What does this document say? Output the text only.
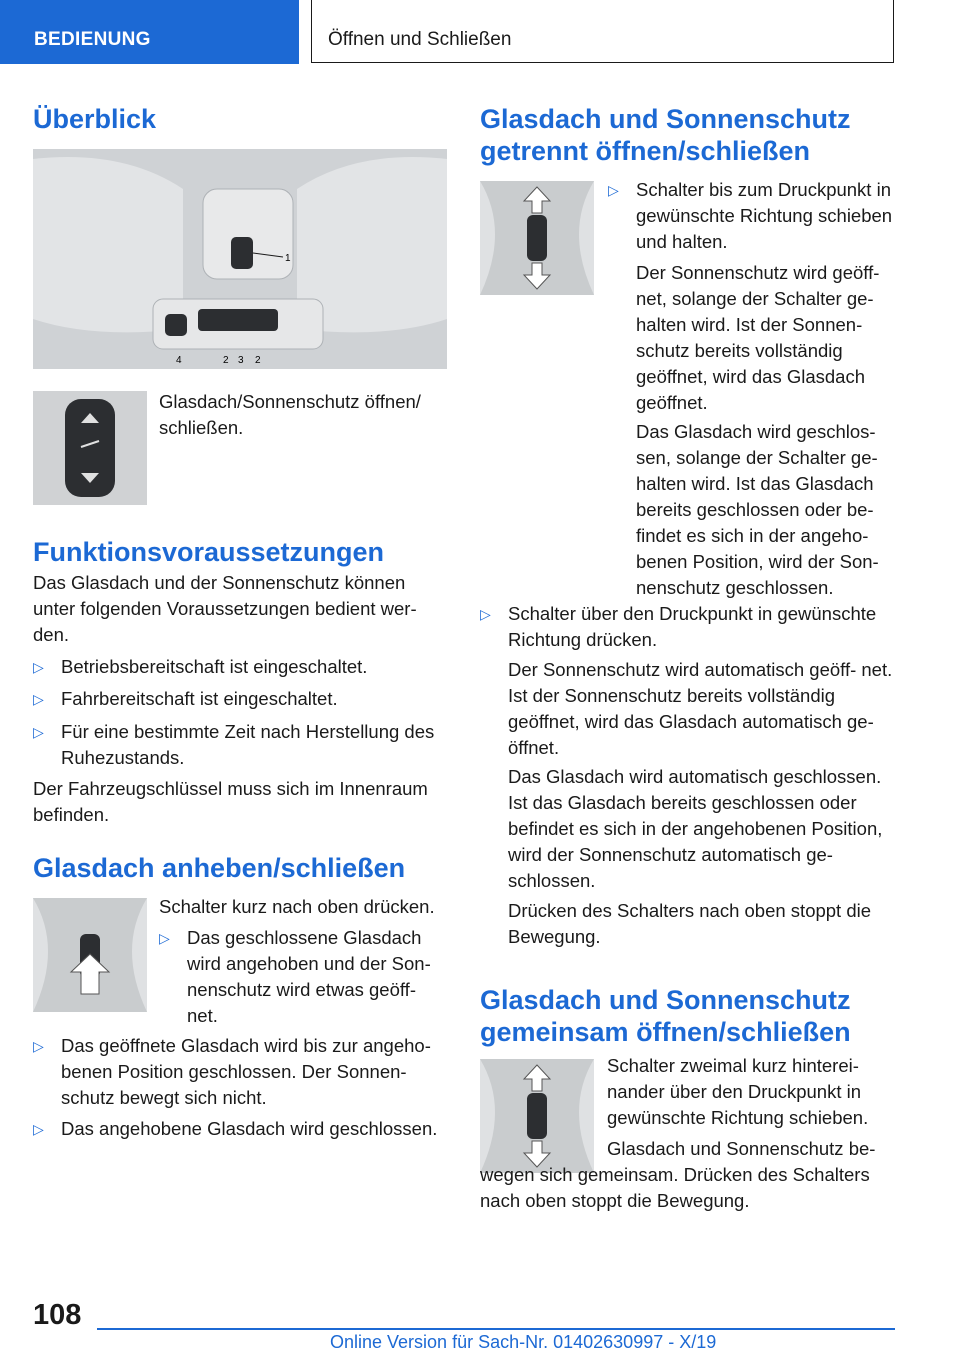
BEDIENUNG	Öffnen und Schließen
Überblick
1
4	2 3 2

Glasdach/Sonnenschutz öffnen/ schließen.

Funktionsvoraussetzungen

Das Glasdach und der Sonnenschutz können unter folgenden Voraussetzungen bedient wer- den.

▷ Betriebsbereitschaft ist eingeschaltet.
▷ Fahrbereitschaft ist eingeschaltet.
▷ Für eine bestimmte Zeit nach Herstellung des Ruhezustands.

Der Fahrzeugschlüssel muss sich im Innenraum befinden.

Glasdach anheben/schließen

Schalter kurz nach oben drücken.

▷ Das geschlossene Glasdach wird angehoben und der Son- nenschutz wird etwas geöff- net.
▷ Das geöffnete Glasdach wird bis zur angeho- benen Position geschlossen. Der Sonnen- schutz bewegt sich nicht.
▷ Das angehobene Glasdach wird geschlossen.
Glasdach und Sonnenschutz getrennt öffnen/schließen
▷ Schalter bis zum Druckpunkt in gewünschte Richtung schieben und halten.

Der Sonnenschutz wird geöff- net, solange der Schalter ge- halten wird. Ist der Sonnen- schutz bereits vollständig geöffnet, wird das Glasdach geöffnet.

Das Glasdach wird geschlos- sen, solange der Schalter ge- halten wird. Ist das Glasdach bereits geschlossen oder be- findet es sich in der angeho- benen Position, wird der Son- nenschutz geschlossen.

▷ Schalter über den Druckpunkt in gewünschte Richtung drücken.

Der Sonnenschutz wird automatisch geöff- net. Ist der Sonnenschutz bereits vollständig geöffnet, wird das Glasdach automatisch ge- öffnet.

Das Glasdach wird automatisch geschlossen. Ist das Glasdach bereits geschlossen oder befindet es sich in der angehobenen Position, wird der Sonnenschutz automatisch ge- schlossen.

Drücken des Schalters nach oben stoppt die Bewegung.

Glasdach und Sonnenschutz gemeinsam öffnen/schließen

Schalter zweimal kurz hinterei- nander über den Druckpunkt in gewünschte Richtung schieben.

Glasdach und Sonnenschutz be- wegen sich gemeinsam. Drücken des Schalters nach oben stoppt die Bewegung.

108
Online Version für Sach-Nr. 01402630997 - X/19
